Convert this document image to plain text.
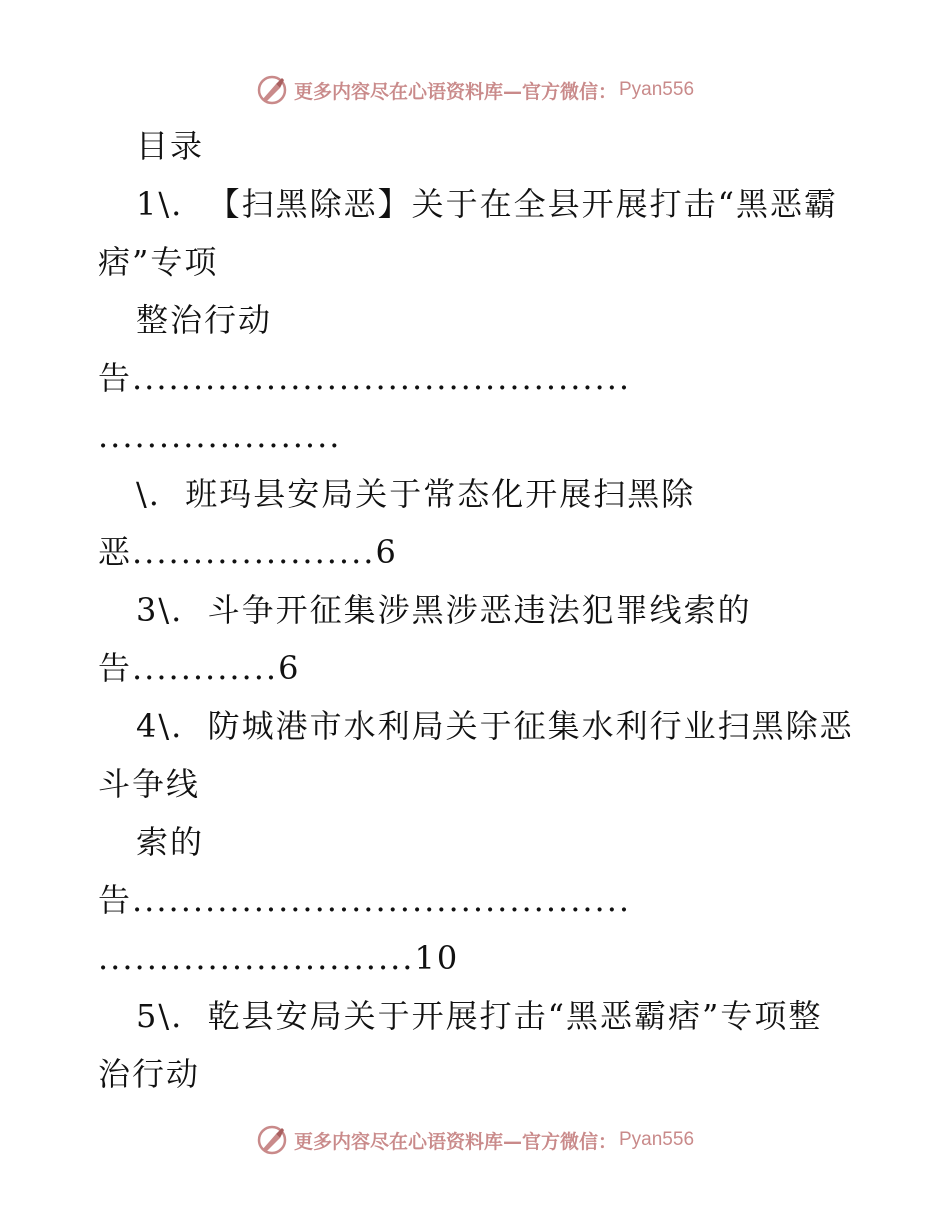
更多内容尽在心语资料库—官方微信： Pyan556
目录
1\.  【扫黑除恶】关于在全县开展打击“黑恶霸
痞”专项
整治行动
告.........................................
....................
\.  班玛县安局关于常态化开展扫黑除
恶....................6
3\.  斗争开征集涉黑涉恶违法犯罪线索的
告............6
4\.  防城港市水利局关于征集水利行业扫黑除恶
斗争线
索的
告.........................................
..........................10
5\.  乾县安局关于开展打击“黑恶霸痞”专项整
治行动
更多内容尽在心语资料库—官方微信： Pyan556
